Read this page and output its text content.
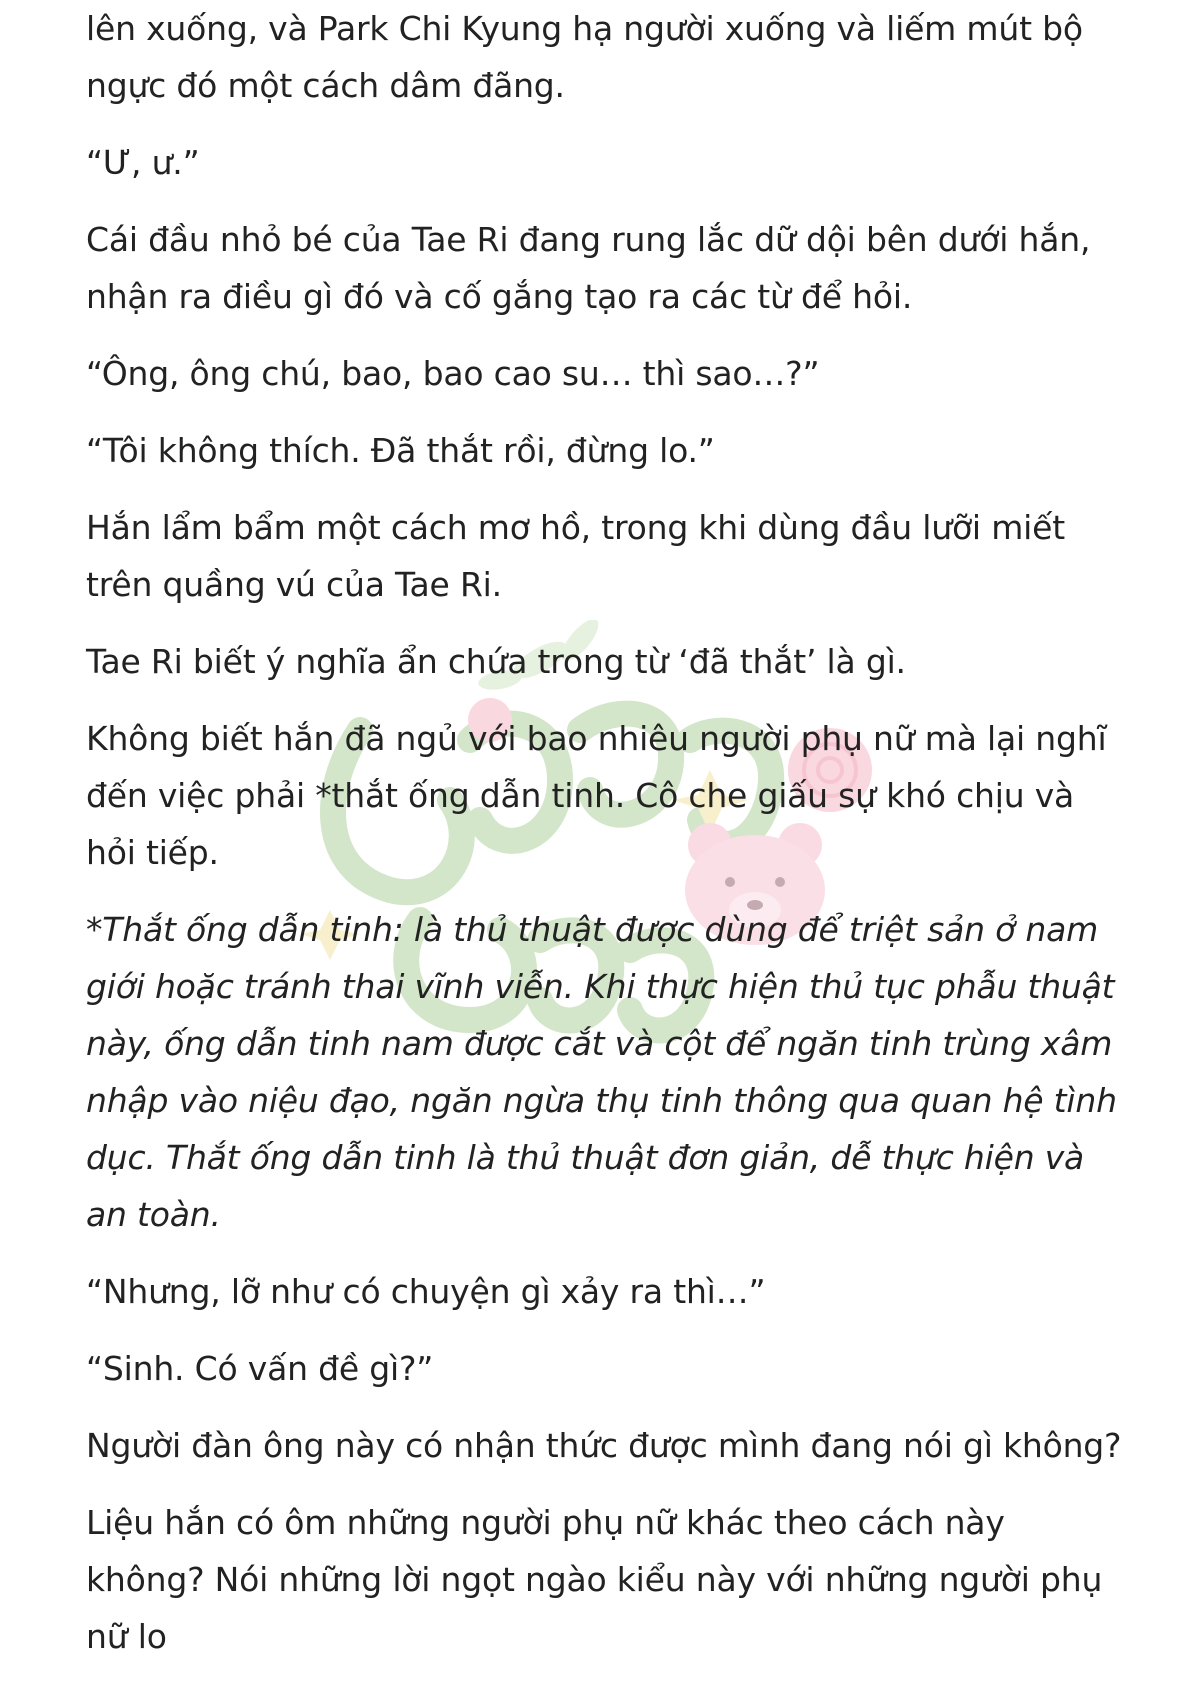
lên xuống, và Park Chi Kyung hạ người xuống và liếm mút bộ ngực đó một cách dâm đãng.

“Ư, ư.”

Cái đầu nhỏ bé của Tae Ri đang rung lắc dữ dội bên dưới hắn, nhận ra điều gì đó và cố gắng tạo ra các từ để hỏi.

“Ông, ông chú, bao, bao cao su… thì sao…?”

“Tôi không thích. Đã thắt rồi, đừng lo.”

Hắn lẩm bẩm một cách mơ hồ, trong khi dùng đầu lưỡi miết trên quầng vú của Tae Ri.

Tae Ri biết ý nghĩa ẩn chứa trong từ ‘đã thắt’ là gì.

Không biết hắn đã ngủ với bao nhiêu người phụ nữ mà lại nghĩ đến việc phải *thắt ống dẫn tinh. Cô che giấu sự khó chịu và hỏi tiếp.

*Thắt ống dẫn tinh: là thủ thuật được dùng để triệt sản ở nam giới hoặc tránh thai vĩnh viễn. Khi thực hiện thủ tục phẫu thuật này, ống dẫn tinh nam được cắt và cột để ngăn tinh trùng xâm nhập vào niệu đạo, ngăn ngừa thụ tinh thông qua quan hệ tình dục. Thắt ống dẫn tinh là thủ thuật đơn giản, dễ thực hiện và an toàn.

“Nhưng, lỡ như có chuyện gì xảy ra thì…”

“Sinh. Có vấn đề gì?”

Người đàn ông này có nhận thức được mình đang nói gì không?

Liệu hắn có ôm những người phụ nữ khác theo cách này không? Nói những lời ngọt ngào kiểu này với những người phụ nữ lo
